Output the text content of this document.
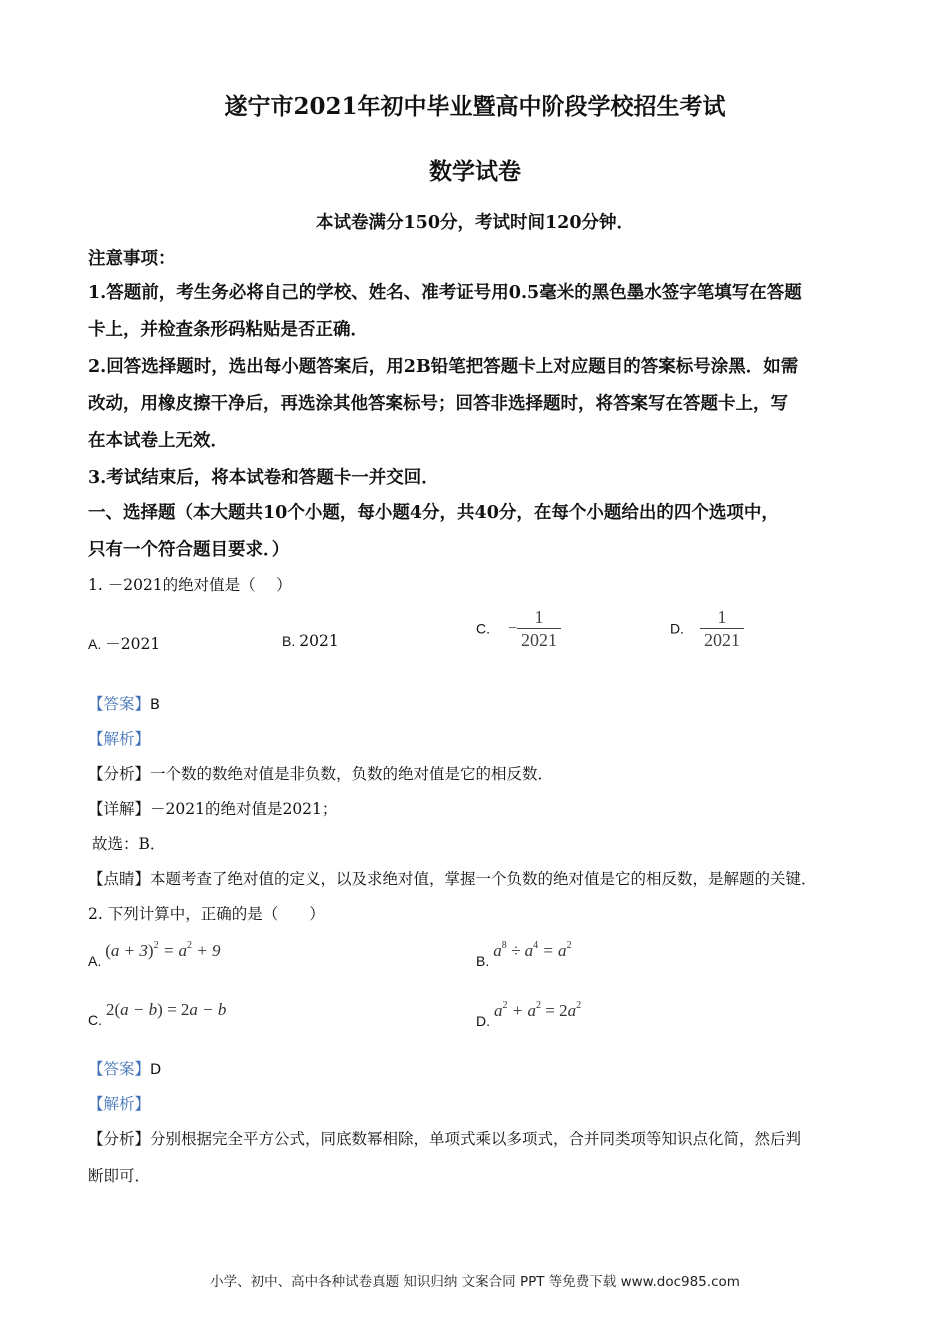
遂宁市2021年初中毕业暨高中阶段学校招生考试
数学试卷
本试卷满分150分，考试时间120分钟．
注意事项：
1.答题前，考生务必将自己的学校、姓名、准考证号用0.5毫米的黑色墨水签字笔填写在答题
卡上，并检查条形码粘贴是否正确．
2.回答选择题时，选出每小题答案后，用2B铅笔把答题卡上对应题目的答案标号涂黑．如需
改动，用橡皮擦干净后，再选涂其他答案标号；回答非选择题时，将答案写在答题卡上，写
在本试卷上无效．
3.考试结束后，将本试卷和答题卡一并交回．
一、选择题（本大题共10个小题，每小题4分，共40分，在每个小题给出的四个选项中，
只有一个符合题目要求．）
1. －2021的绝对值是（　 ）
A. －2021	B. 2021
C. − $\frac{1}{2021}$	D. $\frac{1}{2021}$
【答案】B
【解析】
【分析】一个数的数绝对值是非负数，负数的绝对值是它的相反数．
【详解】－2021的绝对值是2021；
故选：B．
【点睛】本题考查了绝对值的定义，以及求绝对值，掌握一个负数的绝对值是它的相反数，是解题的关键．
2. 下列计算中，正确的是（　　）
A. $(a + 3)^2 = a^2 + 9$
B. $a^8 \div a^4 = a^2$
C. 2(a − b) = 2a − b
D. $a^2 + a^2 = 2a^2$
【答案】D
【解析】
【分析】分别根据完全平方公式，同底数幂相除，单项式乘以多项式，合并同类项等知识点化简，然后判
断即可．
小学、初中、高中各种试卷真题 知识归纳 文案合同 PPT 等免费下载 www.doc985.com
